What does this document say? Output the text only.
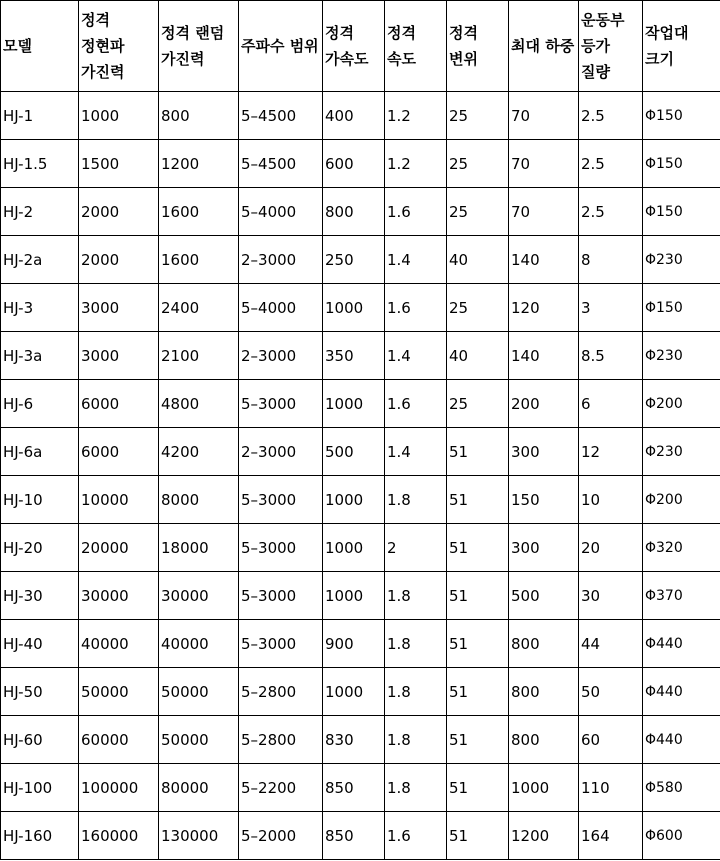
모델	정격 정현파 가진력	정격 랜덤 가진력	주파수 범위	정격 가속도	정격 속도	정격 변위	최대 하중	운동부 등가 질량	작업대 크기
HJ-1	1000	800	5–4500	400	1.2	25	70	2.5	Φ150
HJ-1.5	1500	1200	5–4500	600	1.2	25	70	2.5	Φ150
HJ-2	2000	1600	5–4000	800	1.6	25	70	2.5	Φ150
HJ-2a	2000	1600	2–3000	250	1.4	40	140	8	Φ230
HJ-3	3000	2400	5–4000	1000	1.6	25	120	3	Φ150
HJ-3a	3000	2100	2–3000	350	1.4	40	140	8.5	Φ230
HJ-6	6000	4800	5–3000	1000	1.6	25	200	6	Φ200
HJ-6a	6000	4200	2–3000	500	1.4	51	300	12	Φ230
HJ-10	10000	8000	5–3000	1000	1.8	51	150	10	Φ200
HJ-20	20000	18000	5–3000	1000	2	51	300	20	Φ320
HJ-30	30000	30000	5–3000	1000	1.8	51	500	30	Φ370
HJ-40	40000	40000	5–3000	900	1.8	51	800	44	Φ440
HJ-50	50000	50000	5–2800	1000	1.8	51	800	50	Φ440
HJ-60	60000	50000	5–2800	830	1.8	51	800	60	Φ440
HJ-100	100000	80000	5–2200	850	1.8	51	1000	110	Φ580
HJ-160	160000	130000	5–2000	850	1.6	51	1200	164	Φ600
